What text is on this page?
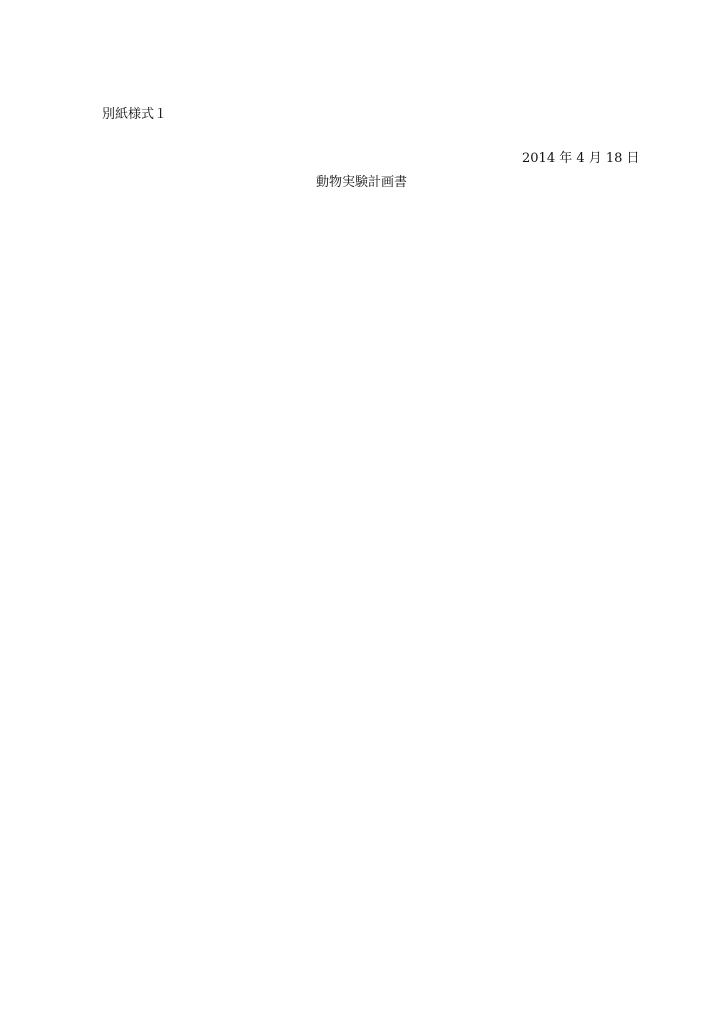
別紙様式１
2014 年 4 月 18 日
動物実験計画書
